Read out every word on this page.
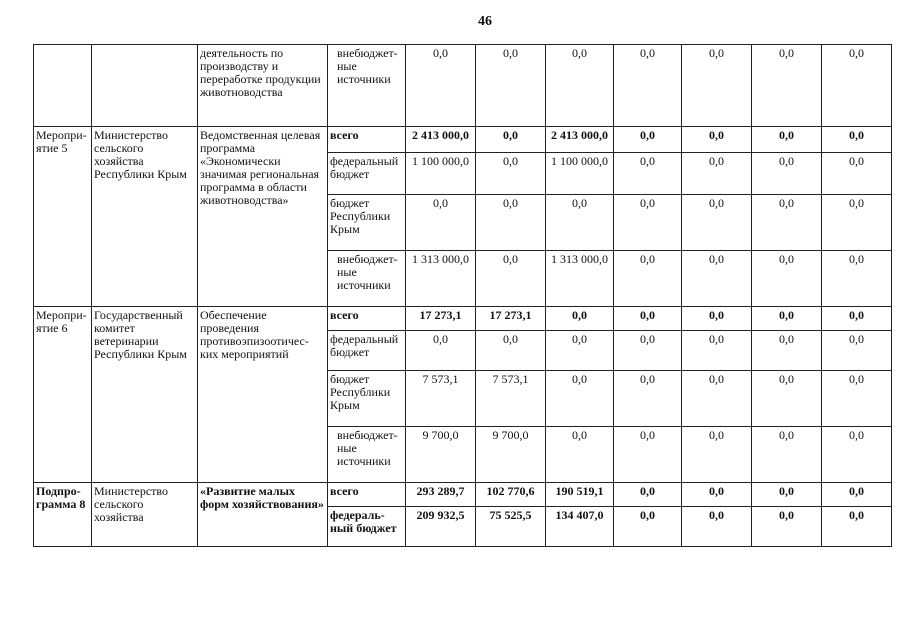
46
		деятельность по производству и переработке продукции животноводства	внебюджет-ные источники	0,0	0,0	0,0	0,0	0,0	0,0	0,0
Меропри-ятие 5	Министерство сельского хозяйства Республики Крым	Ведомственная целевая программа «Экономически значимая региональная программа в области животноводства»	всего	2 413 000,0	0,0	2 413 000,0	0,0	0,0	0,0	0,0
			федеральный бюджет	1 100 000,0	0,0	1 100 000,0	0,0	0,0	0,0	0,0
			бюджет Республики Крым	0,0	0,0	0,0	0,0	0,0	0,0	0,0
			внебюджет-ные источники	1 313 000,0	0,0	1 313 000,0	0,0	0,0	0,0	0,0
Меропри-ятие 6	Государственный комитет ветеринарии Республики Крым	Обеспечение проведения противоэпизоотичес-ких мероприятий	всего	17 273,1	17 273,1	0,0	0,0	0,0	0,0	0,0
			федеральный бюджет	0,0	0,0	0,0	0,0	0,0	0,0	0,0
			бюджет Республики Крым	7 573,1	7 573,1	0,0	0,0	0,0	0,0	0,0
			внебюджет-ные источники	9 700,0	9 700,0	0,0	0,0	0,0	0,0	0,0
Подпро-грамма 8	Министерство сельского хозяйства	«Развитие малых форм хозяйствования»	всего	293 289,7	102 770,6	190 519,1	0,0	0,0	0,0	0,0
			федераль-ный бюджет	209 932,5	75 525,5	134 407,0	0,0	0,0	0,0	0,0
